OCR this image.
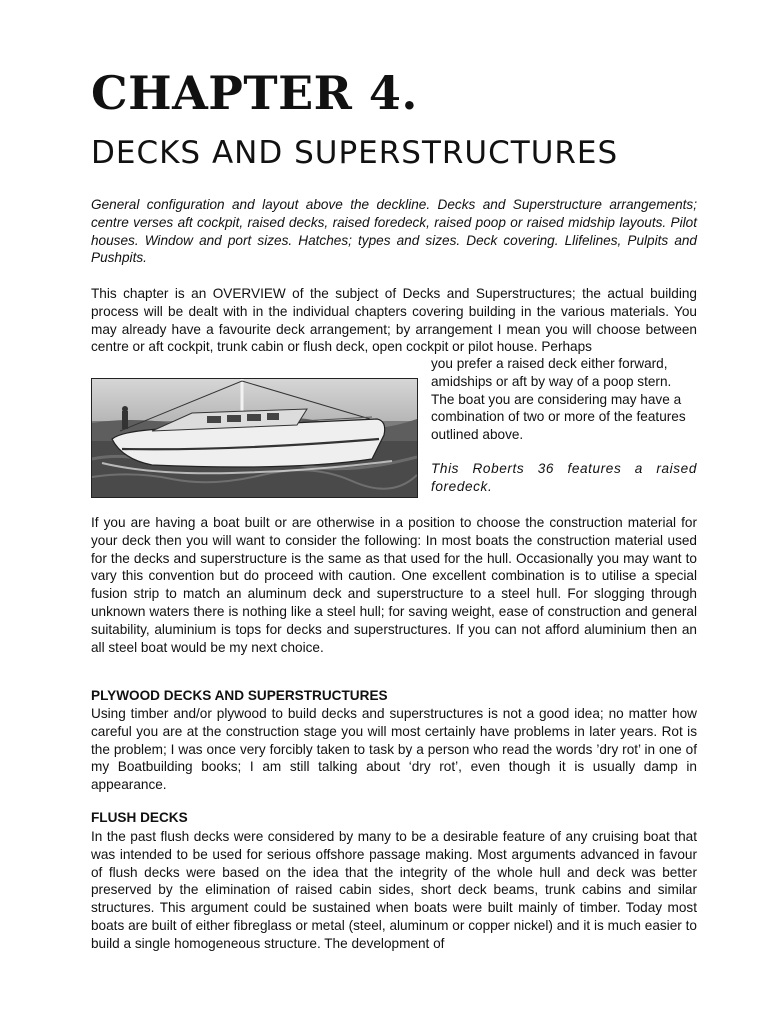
CHAPTER 4.
DECKS AND SUPERSTRUCTURES

General configuration and layout above the deckline. Decks and Superstructure arrangements; centre verses aft cockpit, raised decks, raised foredeck, raised poop or raised midship layouts. Pilot houses. Window and port sizes. Hatches; types and sizes. Deck covering. Llifelines, Pulpits and Pushpits.

This chapter is an OVERVIEW of the subject of Decks and Superstructures; the actual building process will be dealt with in the individual chapters covering building in the various materials. You may already have a favourite deck arrangement; by arrangement I mean you will choose between centre or aft cockpit, trunk cabin or flush deck, open cockpit or pilot house. Perhaps

you prefer a raised deck either forward, amidships or aft by way of a poop stern. The boat you are considering may have a combination of two or more of the features outlined above.

This Roberts 36 features a raised foredeck.

If you are having a boat built or are otherwise in a position to choose the construction material for your deck then you will want to consider the following: In most boats the construction material used for the decks and superstructure is the same as that used for the hull. Occasionally you may want to vary this convention but do proceed with caution. One excellent combination is to utilise a special fusion strip to match an aluminum deck and superstructure to a steel hull. For slogging through unknown waters there is nothing like a steel hull; for saving weight, ease of construction and general suitability, aluminium is tops for decks and superstructures. If you can not afford aluminium then an all steel boat would be my next choice.

PLYWOOD DECKS AND SUPERSTRUCTURES

Using timber and/or plywood to build decks and superstructures is not a good idea; no matter how careful you are at the construction stage you will most certainly have problems in later years. Rot is the problem; I was once very forcibly taken to task by a person who read the words ’dry rot’ in one of my Boatbuilding books; I am still talking about ‘dry rot’, even though it is usually damp in appearance.

FLUSH DECKS

In the past flush decks were considered by many to be a desirable feature of any cruising boat that was intended to be used for serious offshore passage making. Most arguments advanced in favour of flush decks were based on the idea that the integrity of the whole hull and deck was better preserved by the elimination of raised cabin sides, short deck beams, trunk cabins and similar structures. This argument could be sustained when boats were built mainly of timber. Today most boats are built of either fibreglass or metal (steel, aluminum or copper nickel) and it is much easier to build a single homogeneous structure. The development of
